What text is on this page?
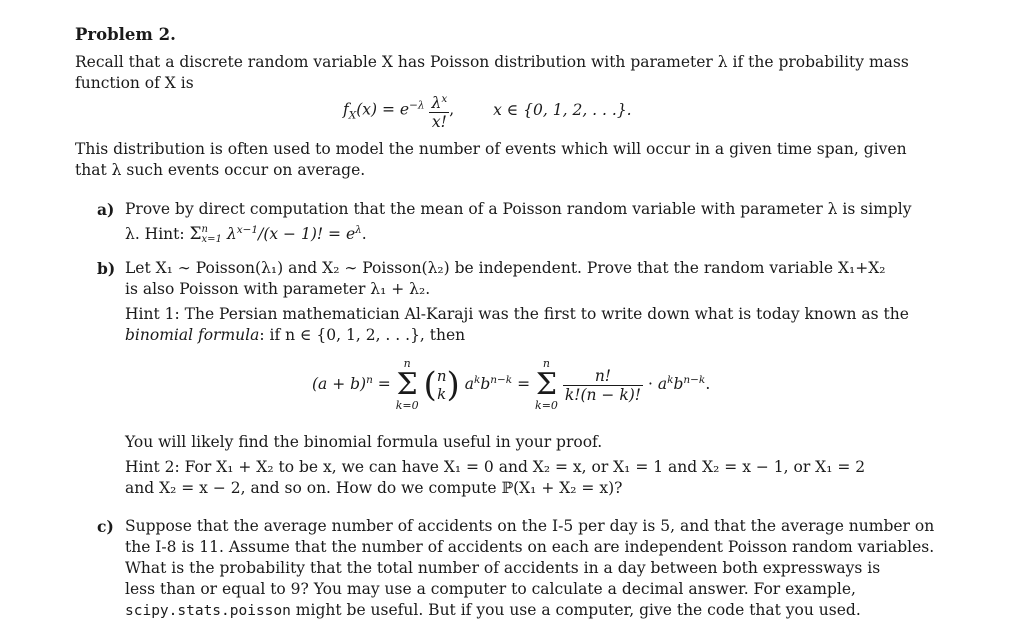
Problem 2.
Recall that a discrete random variable X has Poisson distribution with parameter λ if the probability mass
function of X is
$f_X(x) = e^{-\lambda} \frac{\lambda^x}{x!}$ ,	x ∈ {0, 1, 2, . . .}.
This distribution is often used to model the number of events which will occur in a given time span, given
that λ such events occur on average.
a) Prove by direct computation that the mean of a Poisson random variable with parameter λ is simply
λ. Hint: Σ n
x=1 $\lambda^{x-1}/(x - 1)$! = $e^\lambda$.
b) Let X₁ ∼ Poisson(λ₁) and X₂ ∼ Poisson(λ₂) be independent. Prove that the random variable X₁+X₂
is also Poisson with parameter λ₁ + λ₂.
Hint 1: The Persian mathematician Al-Karaji was the first to write down what is today known as the
binomial formula: if n ∈ {0, 1, 2, . . .}, then
$(a + b)^n = n$
Σ
k=0 ( n
k ) $a^kb^{n-k} = n$
Σ
k=0
$\frac{n!}{k!(n - k)!} \cdot a^kb^{n-k}$.
You will likely find the binomial formula useful in your proof.
Hint 2: For X₁ + X₂ to be x, we can have X₁ = 0 and X₂ = x, or X₁ = 1 and X₂ = x − 1, or X₁ = 2
and X₂ = x − 2, and so on. How do we compute ℙ(X₁ + X₂ = x)?
c) Suppose that the average number of accidents on the I-5 per day is 5, and that the average number on
the I-8 is 11. Assume that the number of accidents on each are independent Poisson random variables.
What is the probability that the total number of accidents in a day between both expressways is
less than or equal to 9? You may use a computer to calculate a decimal answer. For example,
scipy.stats.poisson might be useful. But if you use a computer, give the code that you used.
